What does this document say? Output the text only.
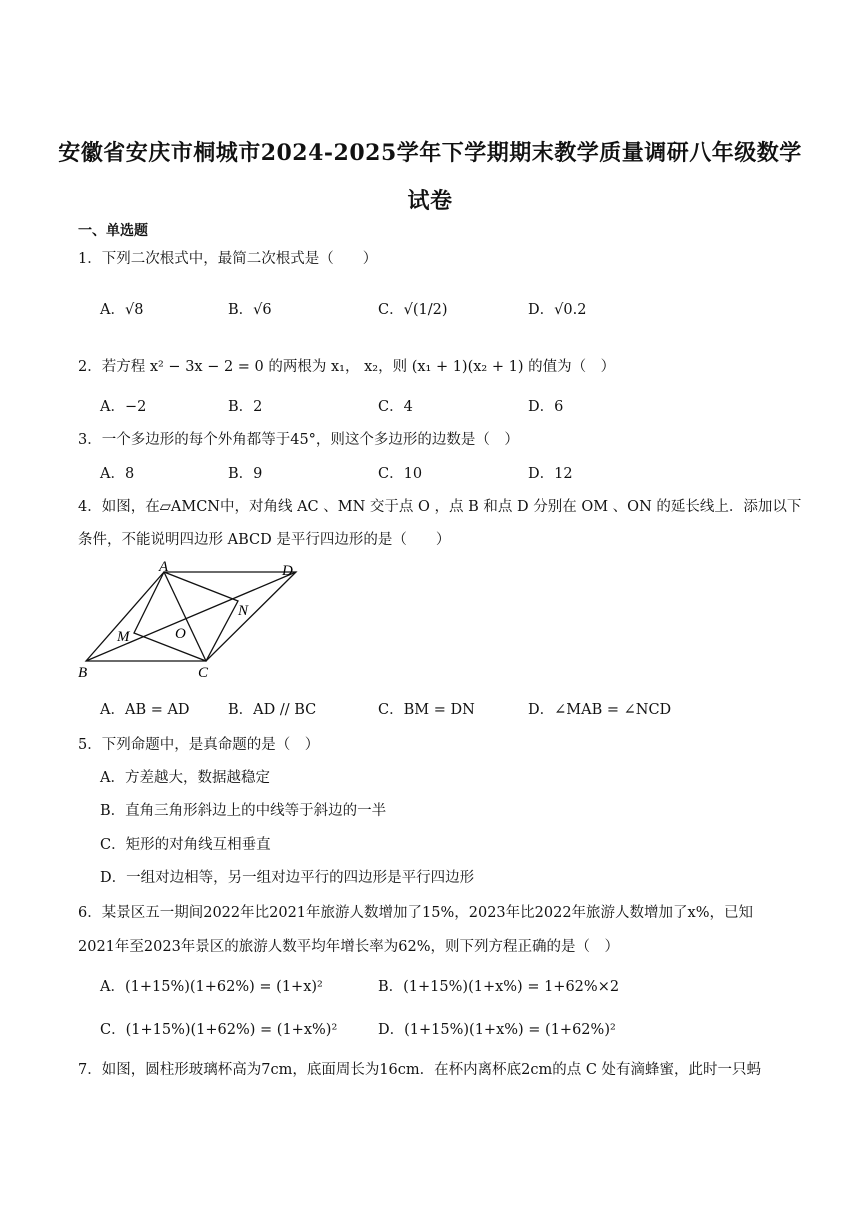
安徽省安庆市桐城市2024-2025学年下学期期末教学质量调研八年级数学
试卷
一、单选题
1．下列二次根式中，最简二次根式是（　　）
A．√8	B．√6	C．√(1/2)	D．√0.2
2．若方程 x² − 3x − 2 = 0 的两根为 x₁， x₂，则 (x₁ + 1)(x₂ + 1) 的值为（　）
A．−2	B．2	C．4	D．6
3．一个多边形的每个外角都等于45°，则这个多边形的边数是（　）
A．8	B．9	C．10	D．12
4．如图，在▱AMCN中，对角线 AC 、MN 交于点 O ，点 B 和点 D 分别在 OM 、ON 的延长线上．添加以下
条件，不能说明四边形 ABCD 是平行四边形的是（　　）
A	D
N
M	O
B	C
A．AB = AD	B．AD // BC	C．BM = DN	D．∠MAB = ∠NCD
5．下列命题中，是真命题的是（　）
A．方差越大，数据越稳定
B．直角三角形斜边上的中线等于斜边的一半
C．矩形的对角线互相垂直
D．一组对边相等，另一组对边平行的四边形是平行四边形
6．某景区五一期间2022年比2021年旅游人数增加了15%，2023年比2022年旅游人数增加了x%，已知
2021年至2023年景区的旅游人数平均年增长率为62%，则下列方程正确的是（　）
A．(1+15%)(1+62%) = (1+x)²	B．(1+15%)(1+x%) = 1+62%×2
C．(1+15%)(1+62%) = (1+x%)²	D．(1+15%)(1+x%) = (1+62%)²
7．如图，圆柱形玻璃杯高为7cm，底面周长为16cm．在杯内离杯底2cm的点 C 处有滴蜂蜜，此时一只蚂
